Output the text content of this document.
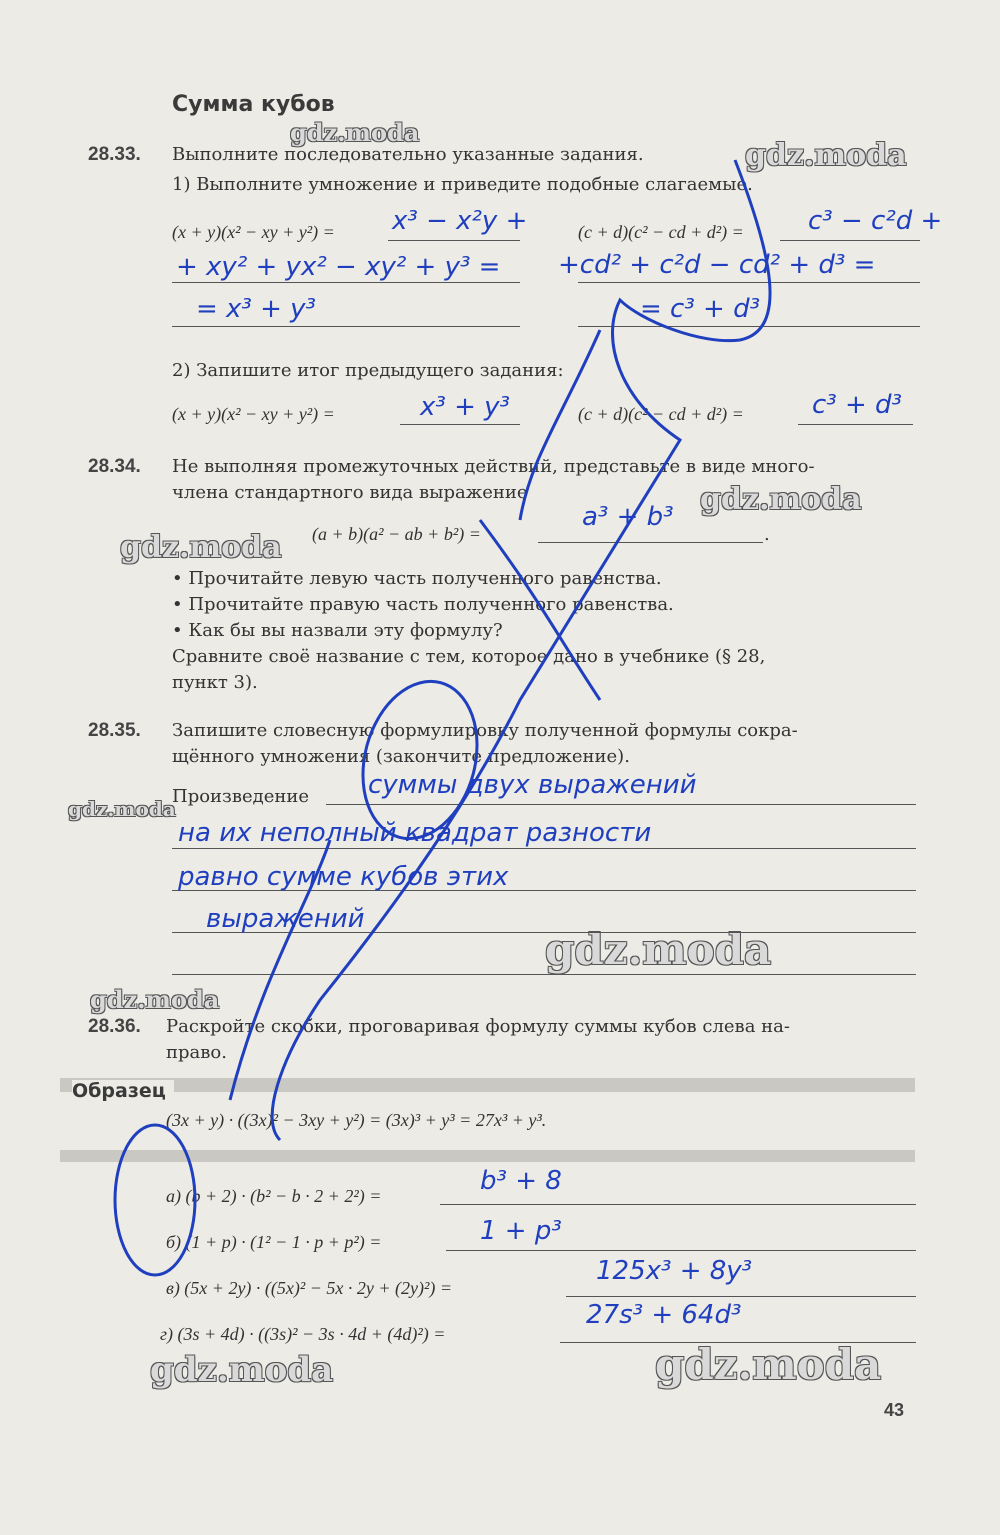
gdz.moda
gdz.moda
gdz.moda
gdz.moda
gdz.moda
gdz.moda
gdz.moda
gdz.moda	gdz.moda
Сумма кубов
28.33. Выполните последовательно указанные задания.
1) Выполните умножение и приведите подобные слагаемые.
(x + y)(x² − xy + y²) =	(c + d)(c² − cd + d²) =
x³ − x²y +
+ xy² + yx² − xy² + y³ =
= x³ + y³
c³ − c²d +
+cd² + c²d − cd² + d³ =
= c³ + d³
2) Запишите итог предыдущего задания:
(x + y)(x² − xy + y²) =	x³ + y³	(c + d)(c² − cd + d²) =	c³ + d³
28.34. Не выполняя промежуточных действий, представьте в виде много-
члена стандартного вида выражение
(a + b)(a² − ab + b²) =	.
a³ + b³
• Прочитайте левую часть полученного равенства.
• Прочитайте правую часть полученного равенства.
• Как бы вы назвали эту формулу?
Сравните своё название с тем, которое дано в учебнике (§ 28,
пункт 3).
28.35. Запишите словесную формулировку полученной формулы сокра-
щённого умножения (закончите предложение).
Произведение суммы двух выражений
на их неполный квадрат разности
равно сумме кубов этих
выражений
28.36. Раскройте скобки, проговаривая формулу суммы кубов слева на-
право.
Образец
(3x + y) · ((3x)² − 3xy + y²) = (3x)³ + y³ = 27x³ + y³.
а) (b + 2) · (b² − b · 2 + 2²) =	b³ + 8
б) (1 + p) · (1² − 1 · p + p²) =	1 + p³
в) (5x + 2y) · ((5x)² − 5x · 2y + (2y)²) =
125x³ + 8y³
г) (3s + 4d) · ((3s)² − 3s · 4d + (4d)²) =
27s³ + 64d³
43
